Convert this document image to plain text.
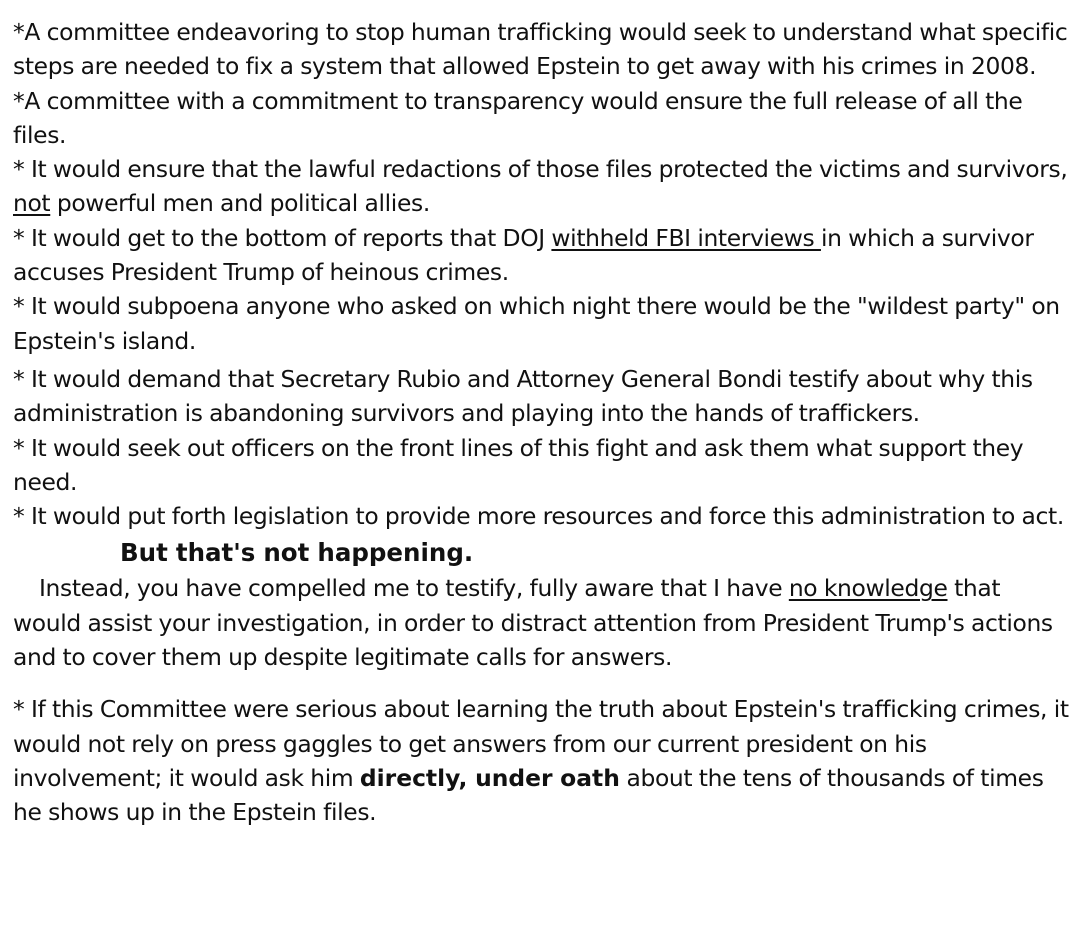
*A committee endeavoring to stop human trafficking would seek to understand what specific steps are needed to fix a system that allowed Epstein to get away with his crimes in 2008.

*A committee with a commitment to transparency would ensure the full release of all the files.

* It would ensure that the lawful redactions of those files protected the victims and survivors, not powerful men and political allies.

* It would get to the bottom of reports that DOJ withheld FBI interviews in which a survivor accuses President Trump of heinous crimes.

* It would subpoena anyone who asked on which night there would be the "wildest party" on Epstein's island.

* It would demand that Secretary Rubio and Attorney General Bondi testify about why this administration is abandoning survivors and playing into the hands of traffickers.

* It would seek out officers on the front lines of this fight and ask them what support they need.

* It would put forth legislation to provide more resources and force this administration to act.

But that's not happening.

Instead, you have compelled me to testify, fully aware that I have no knowledge that would assist your investigation, in order to distract attention from President Trump's actions and to cover them up despite legitimate calls for answers.

* If this Committee were serious about learning the truth about Epstein's trafficking crimes, it would not rely on press gaggles to get answers from our current president on his involvement; it would ask him directly, under oath about the tens of thousands of times he shows up in the Epstein files.
